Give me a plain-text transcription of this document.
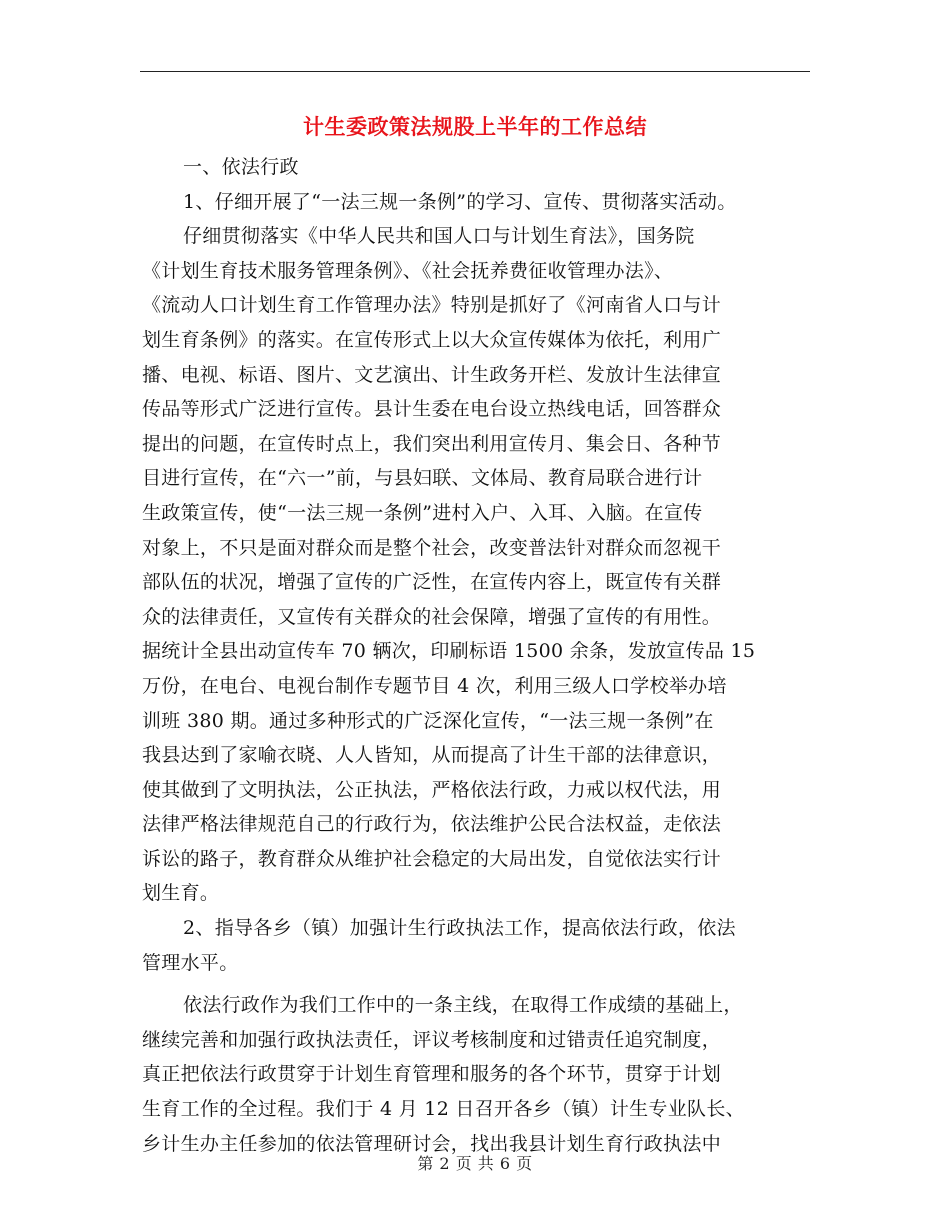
计生委政策法规股上半年的工作总结
一、依法行政
1、仔细开展了“一法三规一条例”的学习、宣传、贯彻落实活动。
仔细贯彻落实《中华人民共和国人口与计划生育法》，国务院
《计划生育技术服务管理条例》、《社会抚养费征收管理办法》、
《流动人口计划生育工作管理办法》特别是抓好了《河南省人口与计
划生育条例》的落实。在宣传形式上以大众宣传媒体为依托，利用广
播、电视、标语、图片、文艺演出、计生政务开栏、发放计生法律宣
传品等形式广泛进行宣传。县计生委在电台设立热线电话，回答群众
提出的问题，在宣传时点上，我们突出利用宣传月、集会日、各种节
目进行宣传，在“六一”前，与县妇联、文体局、教育局联合进行计
生政策宣传，使“一法三规一条例”进村入户、入耳、入脑。在宣传
对象上，不只是面对群众而是整个社会，改变普法针对群众而忽视干
部队伍的状况，增强了宣传的广泛性，在宣传内容上，既宣传有关群
众的法律责任，又宣传有关群众的社会保障，增强了宣传的有用性。
据统计全县出动宣传车 70 辆次，印刷标语 1500 余条，发放宣传品 15
万份，在电台、电视台制作专题节目 4 次，利用三级人口学校举办培
训班 380 期。通过多种形式的广泛深化宣传，“一法三规一条例”在
我县达到了家喻衣晓、人人皆知，从而提高了计生干部的法律意识，
使其做到了文明执法，公正执法，严格依法行政，力戒以权代法，用
法律严格法律规范自己的行政行为，依法维护公民合法权益，走依法
诉讼的路子，教育群众从维护社会稳定的大局出发，自觉依法实行计
划生育。
2、指导各乡（镇）加强计生行政执法工作，提高依法行政，依法
管理水平。
依法行政作为我们工作中的一条主线，在取得工作成绩的基础上，
继续完善和加强行政执法责任，评议考核制度和过错责任追究制度，
真正把依法行政贯穿于计划生育管理和服务的各个环节，贯穿于计划
生育工作的全过程。我们于 4 月 12 日召开各乡（镇）计生专业队长、
乡计生办主任参加的依法管理研讨会，找出我县计划生育行政执法中
第 2 页 共 6 页
